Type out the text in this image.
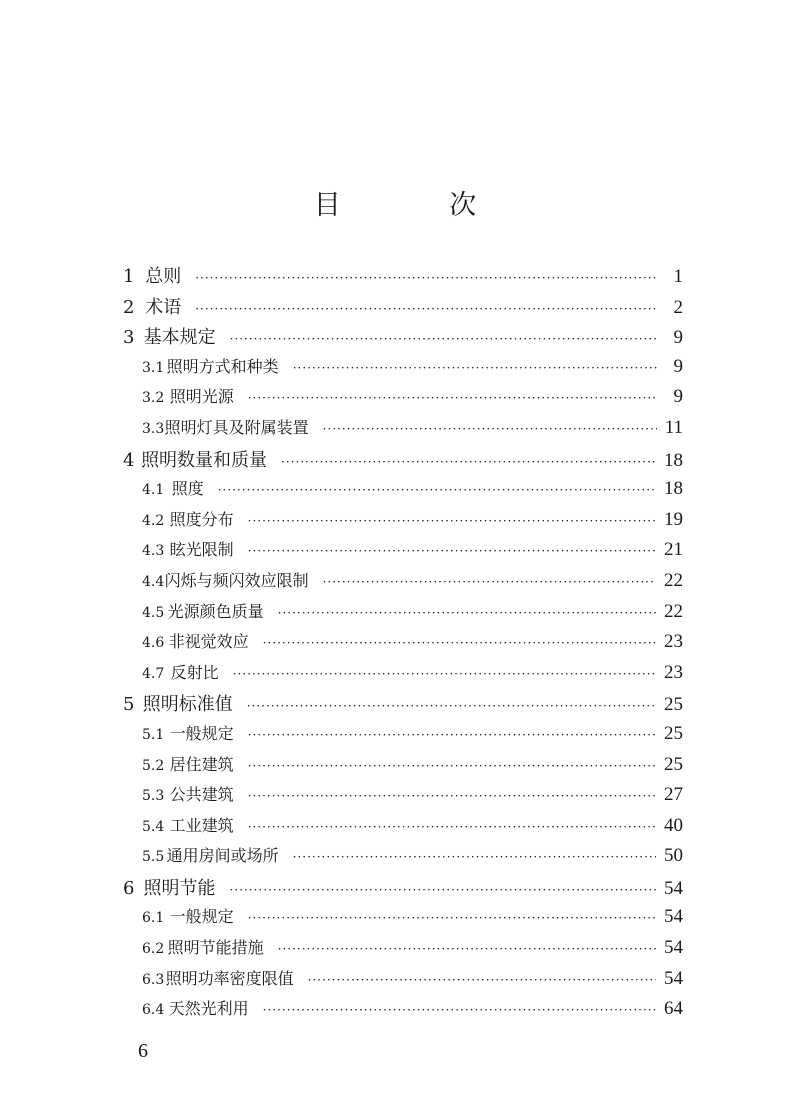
目 次
1 总则 ·····	1
2 术语 ·····	2
3 基本规定 ·····	9
3.1 照明方式和种类 ·····	9
3.2 照明光源 ·····	9
3.3 照明灯具及附属装置 ·····	11
4 照明数量和质量 ·····	18
4.1 照度 ·····	18
4.2 照度分布 ·····	19
4.3 眩光限制 ·····	21
4.4 闪烁与频闪效应限制 ·····	22
4.5 光源颜色质量 ·····	22
4.6 非视觉效应 ·····	23
4.7 反射比 ·····	23
5 照明标准值 ·····	25
5.1 一般规定 ·····	25
5.2 居住建筑 ·····	25
5.3 公共建筑 ·····	27
5.4 工业建筑 ·····	40
5.5 通用房间或场所 ·····	50
6 照明节能 ·····	54
6.1 一般规定 ·····	54
6.2 照明节能措施 ·····	54
6.3 照明功率密度限值 ·····	54
6.4 天然光利用 ·····	64
6
